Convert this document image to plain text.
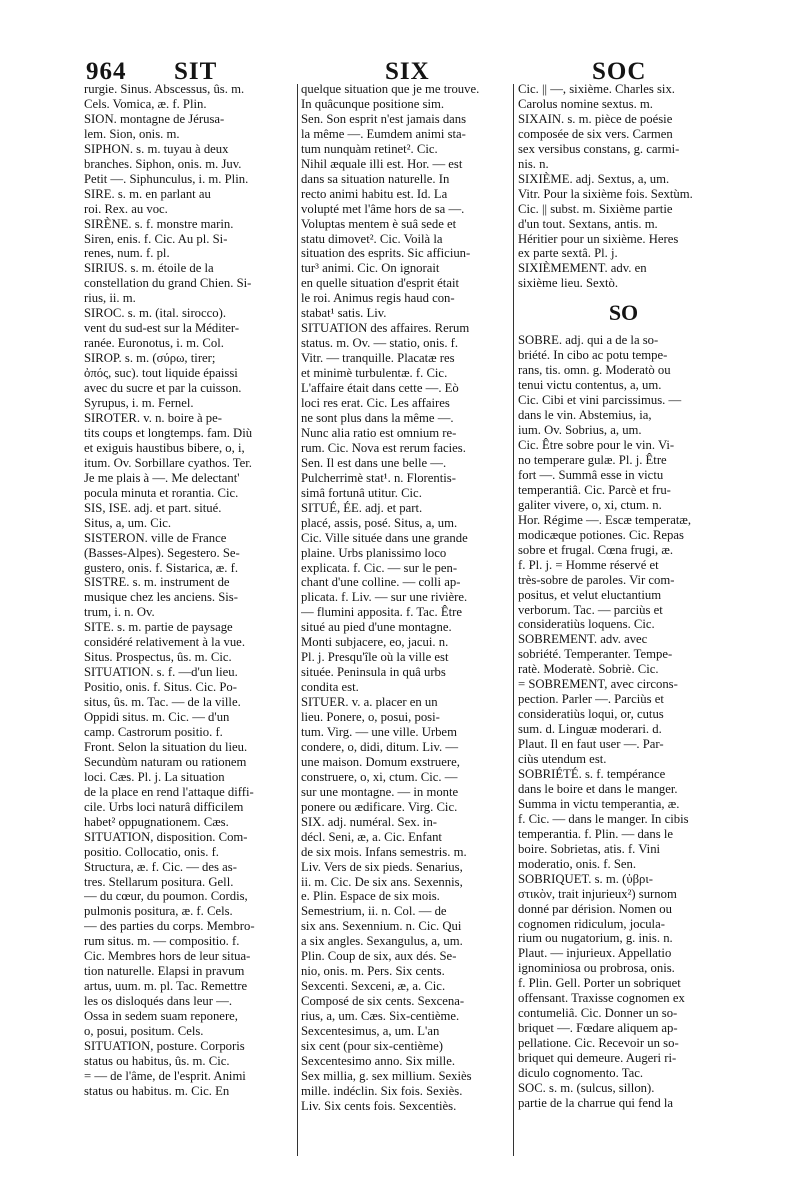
964 SIT	SIX	SOC
rurgie. Sinus. Abscessus, ûs. m.
Cels. Vomica, æ. f. Plin.
SION. montagne de Jérusa-
lem. Sion, onis. m.
SIPHON. s. m. tuyau à deux
branches. Siphon, onis. m. Juv.
Petit —. Siphunculus, i. m. Plin.
SIRE. s. m. en parlant au
roi. Rex. au voc.
SIRÈNE. s. f. monstre marin.
Siren, enis. f. Cic. Au pl. Si-
renes, num. f. pl.
SIRIUS. s. m. étoile de la
constellation du grand Chien. Si-
rius, ii. m.
SIROC. s. m. (ital. sirocco).
vent du sud-est sur la Méditer-
ranée. Euronotus, i. m. Col.
SIROP. s. m. (σύρω, tirer;
ὀπός, suc). tout liquide épaissi
avec du sucre et par la cuisson.
Syrupus, i. m. Fernel.
SIROTER. v. n. boire à pe-
tits coups et longtemps. fam. Diù
et exiguis haustibus bibere, o, i,
itum. Ov. Sorbillare cyathos. Ter.
Je me plais à —. Me delectant'
pocula minuta et rorantia. Cic.
SIS, ISE. adj. et part. situé.
Situs, a, um. Cic.
SISTERON. ville de France
(Basses-Alpes). Segestero. Se-
gustero, onis. f. Sistarica, æ. f.
SISTRE. s. m. instrument de
musique chez les anciens. Sis-
trum, i. n. Ov.
SITE. s. m. partie de paysage
considéré relativement à la vue.
Situs. Prospectus, ûs. m. Cic.
SITUATION. s. f. —d'un lieu.
Positio, onis. f. Situs. Cic. Po-
situs, ûs. m. Tac. — de la ville.
Oppidi situs. m. Cic. — d'un
camp. Castrorum positio. f.
Front. Selon la situation du lieu.
Secundùm naturam ou rationem
loci. Cæs. Pl. j. La situation
de la place en rend l'attaque diffi-
cile. Urbs loci naturâ difficilem
habet² oppugnationem. Cæs.
SITUATION, disposition. Com-
positio. Collocatio, onis. f.
Structura, æ. f. Cic. — des as-
tres. Stellarum positura. Gell.
— du cœur, du poumon. Cordis,
pulmonis positura, æ. f. Cels.
— des parties du corps. Membro-
rum situs. m. — compositio. f.
Cic. Membres hors de leur situa-
tion naturelle. Elapsi in pravum
artus, uum. m. pl. Tac. Remettre
les os disloqués dans leur —.
Ossa in sedem suam reponere,
o, posui, positum. Cels.
SITUATION, posture. Corporis
status ou habitus, ûs. m. Cic.
= — de l'âme, de l'esprit. Animi
status ou habitus. m. Cic. En
quelque situation que je me trouve.
In quâcunque positione sim.
Sen. Son esprit n'est jamais dans
la même —. Eumdem animi sta-
tum nunquàm retinet². Cic.
Nihil æquale illi est. Hor. — est
dans sa situation naturelle. In
recto animi habitu est. Id. La
volupté met l'âme hors de sa —.
Voluptas mentem è suâ sede et
statu dimovet². Cic. Voilà la
situation des esprits. Sic afficiun-
tur³ animi. Cic. On ignorait
en quelle situation d'esprit était
le roi. Animus regis haud con-
stabat¹ satis. Liv.
SITUATION des affaires. Rerum
status. m. Ov. — statio, onis. f.
Vitr. — tranquille. Placatæ res
et minimè turbulentæ. f. Cic.
L'affaire était dans cette —. Eò
loci res erat. Cic. Les affaires
ne sont plus dans la même —.
Nunc alia ratio est omnium re-
rum. Cic. Nova est rerum facies.
Sen. Il est dans une belle —.
Pulcherrimè stat¹. n. Florentis-
simâ fortunâ utitur. Cic.
SITUÉ, ÉE. adj. et part.
placé, assis, posé. Situs, a, um.
Cic. Ville située dans une grande
plaine. Urbs planissimo loco
explicata. f. Cic. — sur le pen-
chant d'une colline. — colli ap-
plicata. f. Liv. — sur une rivière.
— flumini apposita. f. Tac. Être
situé au pied d'une montagne.
Monti subjacere, eo, jacui. n.
Pl. j. Presqu'île où la ville est
située. Peninsula in quâ urbs
condita est.
SITUER. v. a. placer en un
lieu. Ponere, o, posui, posi-
tum. Virg. — une ville. Urbem
condere, o, didi, ditum. Liv. —
une maison. Domum exstruere,
construere, o, xi, ctum. Cic. —
sur une montagne. — in monte
ponere ou ædificare. Virg. Cic.
SIX. adj. numéral. Sex. in-
décl. Seni, æ, a. Cic. Enfant
de six mois. Infans semestris. m.
Liv. Vers de six pieds. Senarius,
ii. m. Cic. De six ans. Sexennis,
e. Plin. Espace de six mois.
Semestrium, ii. n. Col. — de
six ans. Sexennium. n. Cic. Qui
a six angles. Sexangulus, a, um.
Plin. Coup de six, aux dés. Se-
nio, onis. m. Pers. Six cents.
Sexcenti. Sexceni, æ, a. Cic.
Composé de six cents. Sexcena-
rius, a, um. Cæs. Six-centième.
Sexcentesimus, a, um. L'an
six cent (pour six-centième)
Sexcentesimo anno. Six mille.
Sex millia, g. sex millium. Sexiès
mille. indéclin. Six fois. Sexiès.
Liv. Six cents fois. Sexcentiès.
Cic. || —, sixième. Charles six.
Carolus nomine sextus. m.
SIXAIN. s. m. pièce de poésie
composée de six vers. Carmen
sex versibus constans, g. carmi-
nis. n.
SIXIÈME. adj. Sextus, a, um.
Vitr. Pour la sixième fois. Sextùm.
Cic. || subst. m. Sixième partie
d'un tout. Sextans, antis. m.
Héritier pour un sixième. Heres
ex parte sextâ. Pl. j.
SIXIÈMEMENT. adv. en
sixième lieu. Sextò.
SO
SOBRE. adj. qui a de la so-
briété. In cibo ac potu tempe-
rans, tis. omn. g. Moderatò ou
tenui victu contentus, a, um.
Cic. Cibi et vini parcissimus. —
dans le vin. Abstemius, ia,
ium. Ov. Sobrius, a, um.
Cic. Être sobre pour le vin. Vi-
no temperare gulæ. Pl. j. Être
fort —. Summâ esse in victu
temperantiâ. Cic. Parcè et fru-
galiter vivere, o, xi, ctum. n.
Hor. Régime —. Escæ temperatæ,
modicæque potiones. Cic. Repas
sobre et frugal. Cœna frugi, æ.
f. Pl. j. = Homme réservé et
très-sobre de paroles. Vir com-
positus, et velut eluctantium
verborum. Tac. — parciùs et
consideratiùs loquens. Cic.
SOBREMENT. adv. avec
sobriété. Temperanter. Tempe-
ratè. Moderatè. Sobriè. Cic.
= SOBREMENT, avec circons-
pection. Parler —. Parciùs et
consideratiùs loqui, or, cutus
sum. d. Linguæ moderari. d.
Plaut. Il en faut user —. Par-
ciùs utendum est.
SOBRIÉTÉ. s. f. tempérance
dans le boire et dans le manger.
Summa in victu temperantia, æ.
f. Cic. — dans le manger. In cibis
temperantia. f. Plin. — dans le
boire. Sobrietas, atis. f. Vini
moderatio, onis. f. Sen.
SOBRIQUET. s. m. (ὑβρι-
στικὸν, trait injurieux²) surnom
donné par dérision. Nomen ou
cognomen ridiculum, jocula-
rium ou nugatorium, g. inis. n.
Plaut. — injurieux. Appellatio
ignominiosa ou probrosa, onis.
f. Plin. Gell. Porter un sobriquet
offensant. Traxisse cognomen ex
contumeliâ. Cic. Donner un so-
briquet —. Fœdare aliquem ap-
pellatione. Cic. Recevoir un so-
briquet qui demeure. Augeri ri-
diculo cognomento. Tac.
SOC. s. m. (sulcus, sillon).
partie de la charrue qui fend la
